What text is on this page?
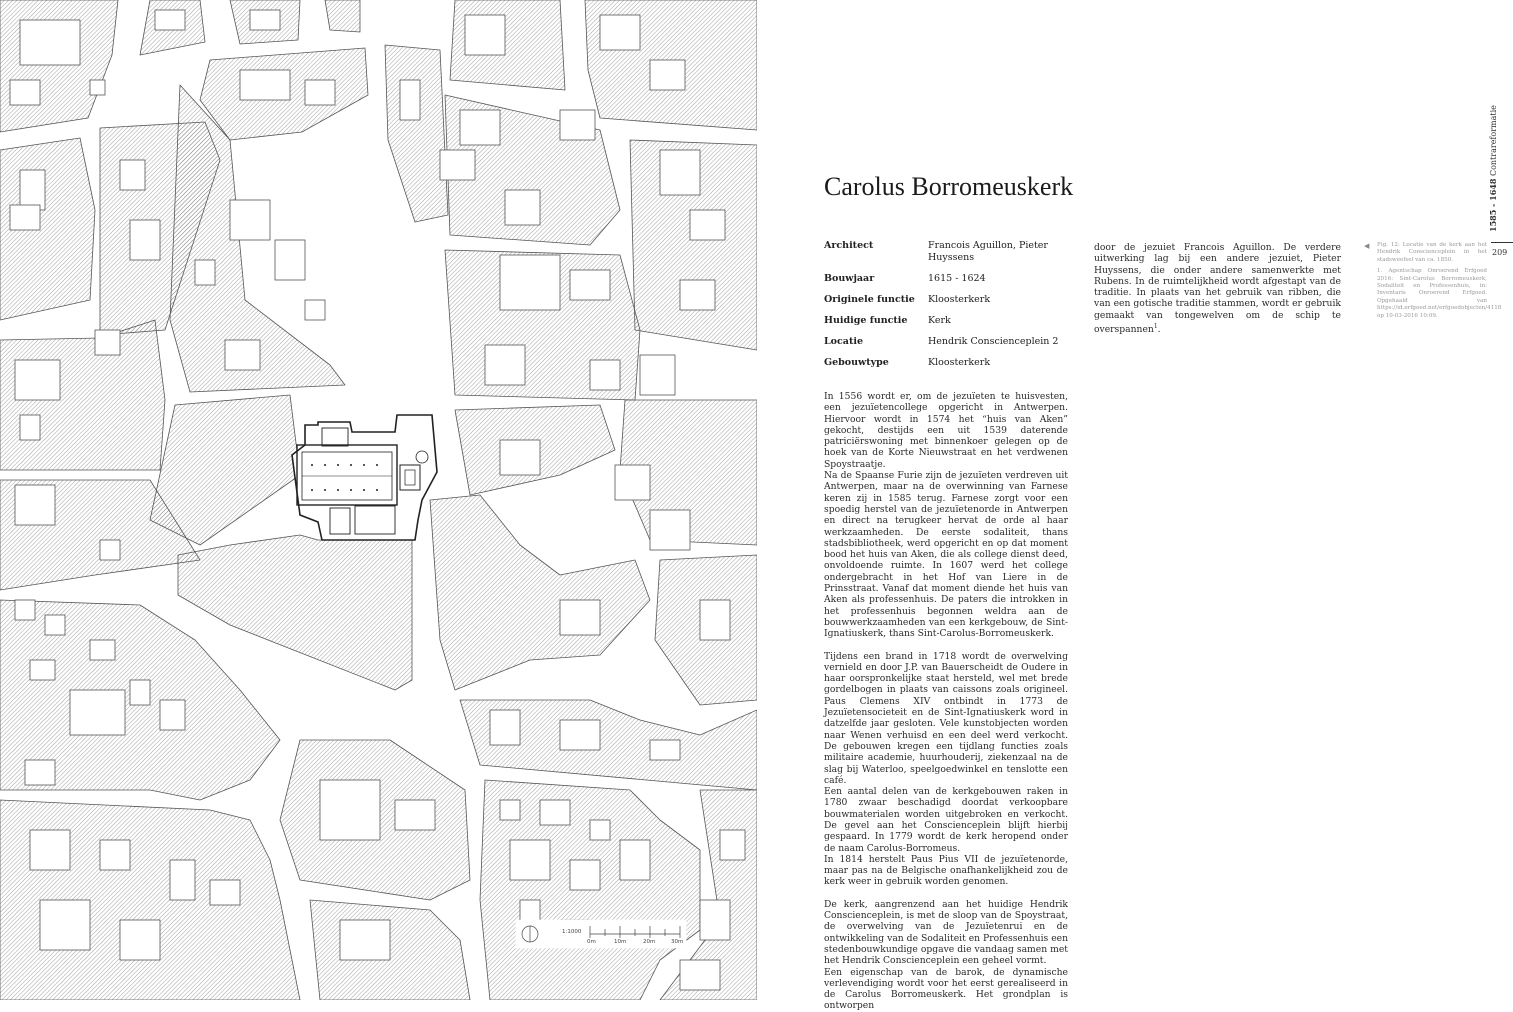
1:1000
0m	10m	20m	30m
Carolus Borromeuskerk
Architect	Francois Aguillon, Pieter Huyssens
Bouwjaar	1615 - 1624
Originele functie	Kloosterkerk
Huidige functie	Kerk
Locatie	Hendrik Conscienceplein 2
Gebouwtype	Kloosterkerk

In 1556 wordt er, om de jezuïeten te huisvesten, een jezuïetencollege opgericht in Antwerpen. Hiervoor wordt in 1574 het “huis van Aken” gekocht, destijds een uit 1539 daterende patriciërswoning met binnenkoer gelegen op de hoek van de Korte Nieuwstraat en het verdwenen Spoystraatje.

Na de Spaanse Furie zijn de jezuïeten verdreven uit Antwerpen, maar na de overwinning van Farnese keren zij in 1585 terug. Farnese zorgt voor een spoedig herstel van de jezuïetenorde in Antwerpen en direct na terugkeer hervat de orde al haar werkzaamheden. De eerste sodaliteit, thans stadsbibliotheek, werd opgericht en op dat moment bood het huis van Aken, die als college dienst deed, onvoldoende ruimte. In 1607 werd het college ondergebracht in het Hof van Liere in de Prinsstraat. Vanaf dat moment diende het huis van Aken als professenhuis. De paters die introkken in het professenhuis begonnen weldra aan de bouwwerkzaamheden van een kerkgebouw, de Sint-Ignatiuskerk, thans Sint-Carolus-Borromeuskerk.

Tijdens een brand in 1718 wordt de overwelving vernield en door J.P. van Bauerscheidt de Oudere in haar oorspronkelijke staat hersteld, wel met brede gordelbogen in plaats van caissons zoals origineel. Paus Clemens XIV ontbindt in 1773 de Jezuïetensocieteit en de Sint-Ignatiuskerk word in datzelfde jaar gesloten. Vele kunstobjecten worden naar Wenen verhuisd en een deel werd verkocht. De gebouwen kregen een tijdlang functies zoals militaire academie, huurhouderij, ziekenzaal na de slag bij Waterloo, speelgoedwinkel en tenslotte een café.

Een aantal delen van de kerkgebouwen raken in 1780 zwaar beschadigd doordat verkoopbare bouwmaterialen worden uitgebroken en verkocht. De gevel aan het Conscienceplein blijft hierbij gespaard. In 1779 wordt de kerk heropend onder de naam Carolus-Borromeus.

In 1814 herstelt Paus Pius VII de jezuïetenorde, maar pas na de Belgische onafhankelijkheid zou de kerk weer in gebruik worden genomen.

De kerk, aangrenzend aan het huidige Hendrik Conscienceplein, is met de sloop van de Spoystraat, de overwelving van de Jezuïetenrui en de ontwikkeling van de Sodaliteit en Professenhuis een stedenbouwkundige opgave die vandaag samen met het Hendrik Conscienceplein een geheel vormt.

Een eigenschap van de barok, de dynamische verlevendiging wordt voor het eerst gerealiseerd in de Carolus Borromeuskerk. Het grondplan is ontworpen

door de jezuiet Francois Aguillon. De verdere uitwerking lag bij een andere jezuiet, Pieter Huyssens, die onder andere samenwerkte met Rubens. In de ruimtelijkheid wordt afgestapt van de traditie. In plaats van het gebruik van ribben, die van een gotische traditie stammen, wordt er gebruik gemaakt van tongewelven om de schip te overspannen$^1$.

◀ Fig. 12: Locatie van de kerk aan het Hendrik Conscienceplein in het stadsweefsel van ca. 1850.

1. Agentschap Onroerend Erfgoed 2016: Sint-Carolus Borromeuskerk, Sodaliteit en Professenhuis, in: Inventaris Onroerend Erfgoed. Opgehaald van https://id.erfgoed.net/erfgoedobjecten/4118 op 10-03-2016 10:09.

1585 - 1648 Contrareformatie
209
